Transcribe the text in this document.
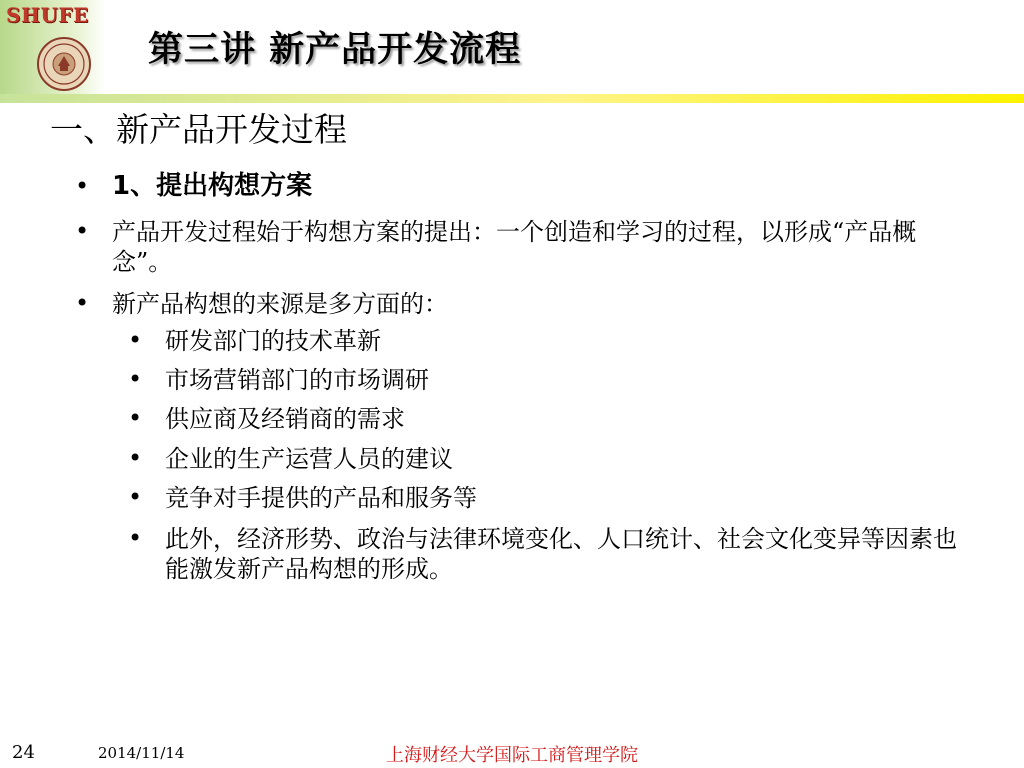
SHUFE
第三讲 新产品开发流程
一、新产品开发过程
• 1、提出构想方案
• 产品开发过程始于构想方案的提出：一个创造和学习的过程，以形成“产品概念”。
• 新产品构想的来源是多方面的：
• 研发部门的技术革新
• 市场营销部门的市场调研
• 供应商及经销商的需求
• 企业的生产运营人员的建议
• 竞争对手提供的产品和服务等
• 此外，经济形势、政治与法律环境变化、人口统计、社会文化变异等因素也能激发新产品构想的形成。
24	2014/11/14	上海财经大学国际工商管理学院
